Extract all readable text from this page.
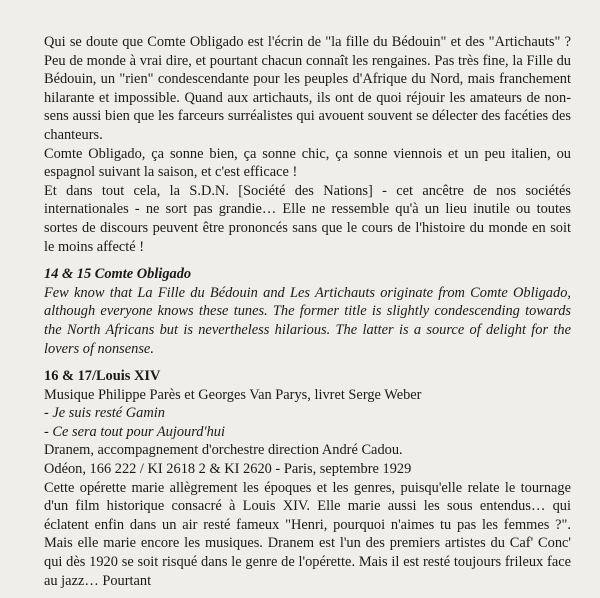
Qui se doute que Comte Obligado est l'écrin de "la fille du Bédouin" et des "Artichauts" ? Peu de monde à vrai dire, et pourtant chacun connaît les rengaines. Pas très fine, la Fille du Bédouin, un "rien" condescendante pour les peuples d'Afrique du Nord, mais franchement hilarante et impossible. Quand aux artichauts, ils ont de quoi réjouir les amateurs de non-sens aussi bien que les farceurs surréalistes qui avouent souvent se délecter des facéties des chanteurs.

Comte Obligado, ça sonne bien, ça sonne chic, ça sonne viennois et un peu italien, ou espagnol suivant la saison, et c'est efficace !

Et dans tout cela, la S.D.N. [Société des Nations] - cet ancêtre de nos sociétés internationales - ne sort pas grandie… Elle ne ressemble qu'à un lieu inutile ou toutes sortes de discours peuvent être prononcés sans que le cours de l'histoire du monde en soit le moins affecté !

14 & 15 Comte Obligado

Few know that La Fille du Bédouin and Les Artichauts originate from Comte Obligado, although everyone knows these tunes. The former title is slightly condescending towards the North Africans but is nevertheless hilarious. The latter is a source of delight for the lovers of nonsense.

16 & 17/Louis XIV

Musique Philippe Parès et Georges Van Parys, livret Serge Weber

- Je suis resté Gamin

- Ce sera tout pour Aujourd'hui

Dranem, accompagnement d'orchestre direction André Cadou.

Odéon, 166 222 / KI 2618 2 & KI 2620 - Paris, septembre 1929

Cette opérette marie allègrement les époques et les genres, puisqu'elle relate le tournage d'un film historique consacré à Louis XIV. Elle marie aussi les sous entendus… qui éclatent enfin dans un air resté fameux "Henri, pourquoi n'aimes tu pas les femmes ?". Mais elle marie encore les musiques. Dranem est l'un des premiers artistes du Caf' Conc' qui dès 1920 se soit risqué dans le genre de l'opérette. Mais il est resté toujours frileux face au jazz… Pourtant
